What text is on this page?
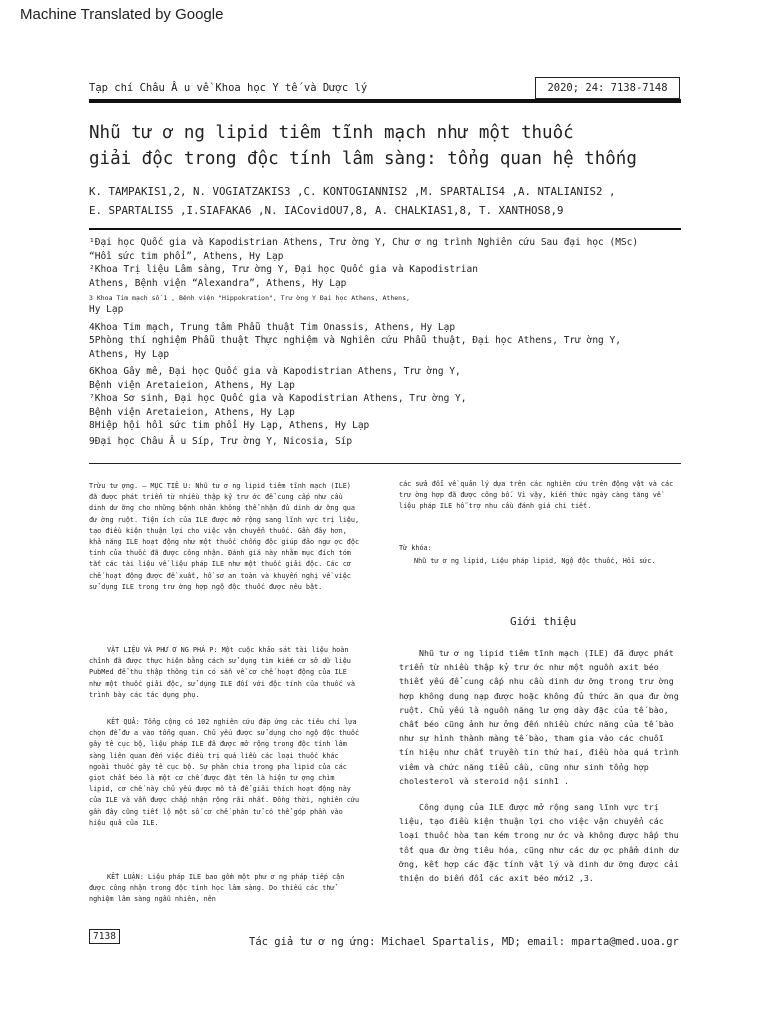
Machine Translated by Google
Tạp chí Châu Â u về Khoa học Y tế và Dược lý	2020; 24: 7138-7148
Nhũ tư ơ ng lipid tiêm tĩnh mạch như một thuốc
giải độc trong độc tính lâm sàng: tổng quan hệ thống
K. TAMPAKIS1,2, N. VOGIATZAKIS3 ,C. KONTOGIANNIS2 ,M. SPARTALIS4 ,A. NTALIANIS2 ,
E. SPARTALIS5 ,I.SIAFAKA6 ,N. IACovidOU7,8, A. CHALKIAS1,8, T. XANTHOS8,9
¹Đại học Quốc gia và Kapodistrian Athens, Trư ờng Y, Chư ơ ng trình Nghiên cứu Sau đại học (MSc)
“Hồi sức tim phổi”, Athens, Hy Lạp
²Khoa Trị liệu Lâm sàng, Trư ờng Y, Đại học Quốc gia và Kapodistrian
Athens, Bệnh viện “Alexandra”, Athens, Hy Lạp
3 Khoa Tim mạch số 1 , Bệnh viện "Hippokration", Trư ờng Y Đại học Athens, Athens,
Hy Lạp
4Khoa Tim mạch, Trung tâm Phẫu thuật Tim Onassis, Athens, Hy Lạp
5Phòng thí nghiệm Phẫu thuật Thực nghiệm và Nghiên cứu Phẫu thuật, Đại học Athens, Trư ờng Y,
Athens, Hy Lạp
6Khoa Gây mê, Đại học Quốc gia và Kapodistrian Athens, Trư ờng Y,
Bệnh viện Aretaieion, Athens, Hy Lạp
⁷Khoa Sơ sinh, Đại học Quốc gia và Kapodistrian Athens, Trư ờng Y,
Bệnh viện Aretaieion, Athens, Hy Lạp
8Hiệp hội hồi sức tim phổi Hy Lạp, Athens, Hy Lạp
9Đại học Châu Â u Síp, Trư ờng Y, Nicosia, Síp

Trừu tư ợng. – MỤC TIÊ U: Nhũ tư ơ ng lipid tiêm tĩnh mạch (ILE) đã được phát triển từ nhiều thập kỷ trư ớc để cung cấp như cầu dinh dư ỡng cho những bệnh nhân không thể nhận đủ dinh dư ỡng qua đư ờng ruột. Tiện ích của ILE được mở rộng sang lĩnh vực trị liệu, tạo điều kiện thuận lợi cho việc vận chuyển thuốc. Gần đây hơn, khả năng ILE hoạt động như một thuốc chống độc giúp đảo ngư ợc độc tính của thuốc đã được công nhận. Đánh giá này nhằm mục đích tóm tắt các tài liệu về liệu pháp ILE như một thuốc giải độc. Các cơ chế hoạt động được đề xuất, hồ sơ an toàn và khuyến nghị về việc sử dụng ILE trong trư ờng hợp ngộ độc thuốc được nêu bật.

VẬT LIỆU VÀ PHƯ Ơ NG PHÁ P: Một cuộc khảo sát tài liệu hoàn chỉnh đã được thực hiện bằng cách sử dụng tìm kiếm cơ sở dữ liệu PubMed để thu thập thông tin có sẵn về cơ chế hoạt động của ILE như một thuốc giải độc, sử dụng ILE đối với độc tính của thuốc và trình bày các tác dụng phụ.

KẾT QUẢ: Tổng cộng có 102 nghiên cứu đáp ứng các tiêu chí lựa chọn để đư a vào tổng quan. Chủ yếu được sử dụng cho ngộ độc thuốc gây tê cục bộ, liệu pháp ILE đã được mở rộng trong độc tính lâm sàng liên quan đến việc điều trị quá liều các loại thuốc khác ngoài thuốc gây tê cục bộ. Sự phân chia trong pha lipid của các giọt chất béo là một cơ chế được đặt tên là hiện tư ợng chìm lipid, cơ chế này chủ yếu được mô tả để giải thích hoạt động này của ILE và vẫn được chấp nhận rộng rãi nhất. Đồng thời, nghiên cứu gần đây cũng tiết lộ một số cơ chế phân tử có thể góp phần vào hiệu quả của ILE.

KẾT LUẬN: Liệu pháp ILE bao gồm một phư ơ ng pháp tiếp cận được công nhận trong độc tính học lâm sàng. Do thiếu các thử nghiệm lâm sàng ngẫu nhiên, nên

các sửa đổi về quản lý dựa trên các nghiên cứu trên động vật và các trư ờng hợp đã được công bố. Vì vậy, kiến thức ngày càng tăng về liệu pháp ILE hỗ trợ nhu cầu đánh giá chi tiết.

Từ khóa:
Nhũ tư ơ ng lipid, Liệu pháp lipid, Ngộ độc thuốc, Hồi sức.
Giới thiệu

Nhũ tư ơ ng lipid tiêm tĩnh mạch (ILE) đã được phát triển từ nhiều thập kỷ trư ớc như một nguồn axit béo thiết yếu để cung cấp nhu cầu dinh dư ỡng trong trư ờng hợp không dung nạp được hoặc không đủ thức ăn qua đư ờng ruột. Chủ yếu là nguồn năng lư ợng dày đặc của tế bào, chất béo cũng ảnh hư ởng đến nhiều chức năng của tế bào như sự hình thành màng tế bào, tham gia vào các chuỗi tín hiệu như chất truyền tin thứ hai, điều hòa quá trình viêm và chức năng tiểu cầu, cũng như sinh tổng hợp cholesterol và steroid nội sinh1 .

Công dụng của ILE được mở rộng sang lĩnh vực trị liệu, tạo điều kiện thuận lợi cho việc vận chuyển các loại thuốc hòa tan kém trong nư ớc và không được hấp thu tốt qua đư ờng tiêu hóa, cũng như các dư ợc phẩm dinh dư ỡng, kết hợp các đặc tính vật lý và dinh dư ỡng được cải thiện do biến đổi các axit béo mới2 ,3.

7138	Tác giả tư ơ ng ứng: Michael Spartalis, MD; email: mparta@med.uoa.gr
